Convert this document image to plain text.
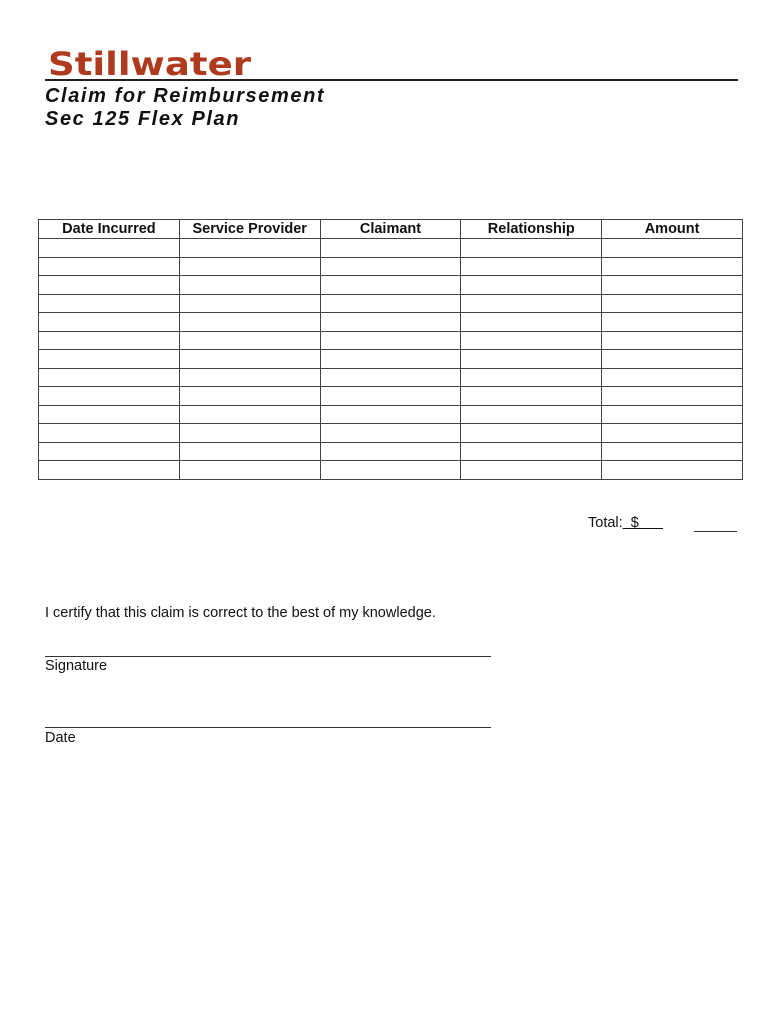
Stillwater
Claim for Reimbursement
Sec 125 Flex Plan
Date Incurred	Service Provider	Claimant	Relationship	Amount

Total:  $
I certify that this claim is correct to the best of my knowledge.
Signature
Date
